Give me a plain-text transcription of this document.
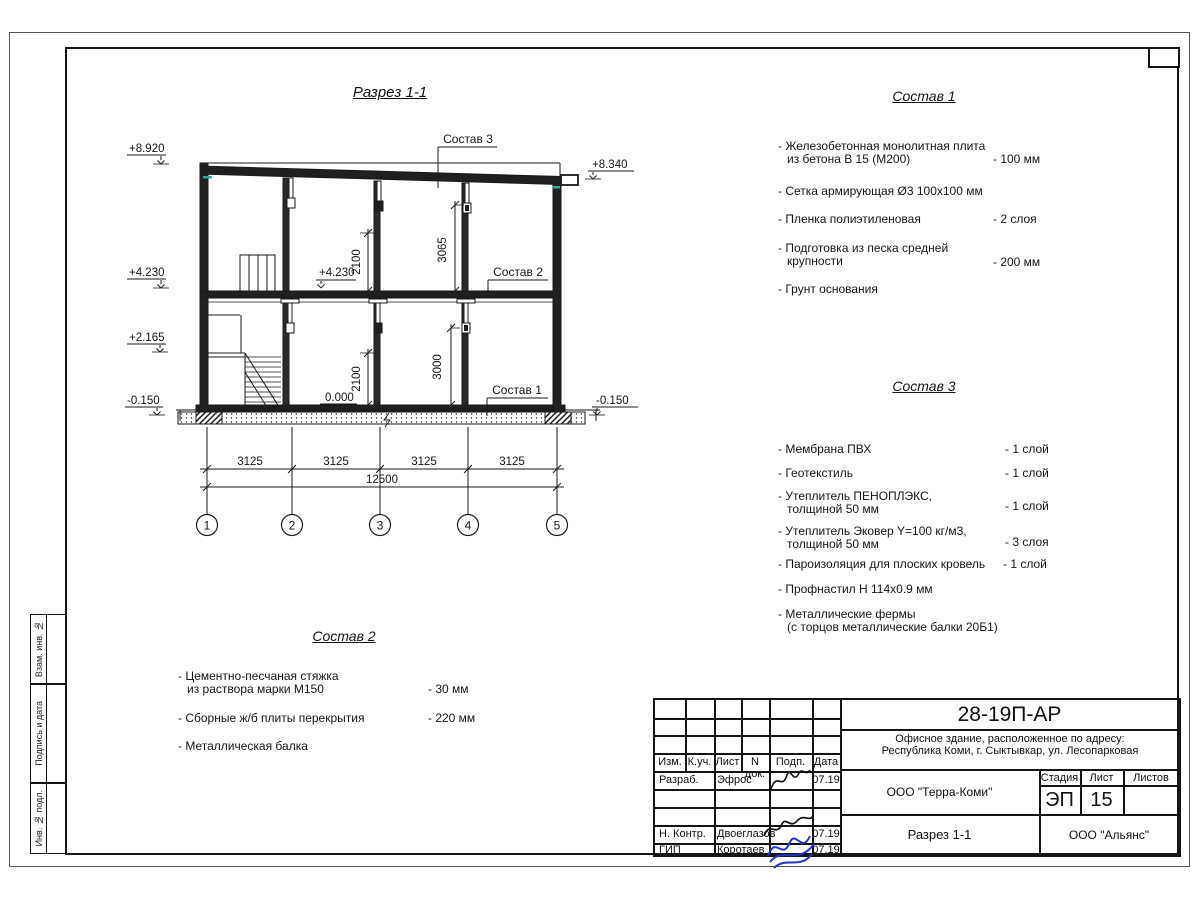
Взам. инв. №
Подпись и дата
Инв. № подл.
Разрез 1-1
+8.920
+8.340
+4.230	+4.230
+2.165
-0.150	-0.150
0.000
2100	3065
2100	3000
3125	3125	3125	3125
12500
1	2	3	4	5
Состав 3
Состав 2
Состав 1
Состав 1
- Железобетонная монолитная плита
из бетона В 15 (М200)	- 100 мм
- Сетка армирующая Ø3 100х100 мм
- Пленка полиэтиленовая	- 2 слоя
- Подготовка из песка средней
крупности	- 200 мм
- Грунт основания
Состав 3
- Мембрана ПВХ	- 1 слой
- Геотекстиль	- 1 слой
- Утеплитель ПЕНОПЛЭКС,
толщиной 50 мм	- 1 слой
- Утеплитель Эковер Y=100 кг/м3,
толщиной 50 мм	- 3 слоя
- Пароизоляция для плоских кровель - 1 слой
- Профнастил Н 114х0.9 мм
- Металлические фермы
(с торцов металлические балки 20Б1)
Состав 2
- Цементно-песчаная стяжка
из раствора марки М150	- 30 мм
- Сборные ж/б плиты перекрытия	- 220 мм
- Металлическая балка
Изм. К.уч. Лист	N док.
Подп. Дата
Разраб. Эфрос	07.19
Н. Контр. Двоеглазов	07.19
ГИП	Коротаев	07.19
28-19П-АР
Офисное здание, расположенное по адресу:
Республика Коми, г. Сыктывкар, ул. Лесопарковая
ООО "Терра-Коми"
Стадия	Лист	Листов
ЭП 15
Разрез 1-1	ООО "Альянс"
